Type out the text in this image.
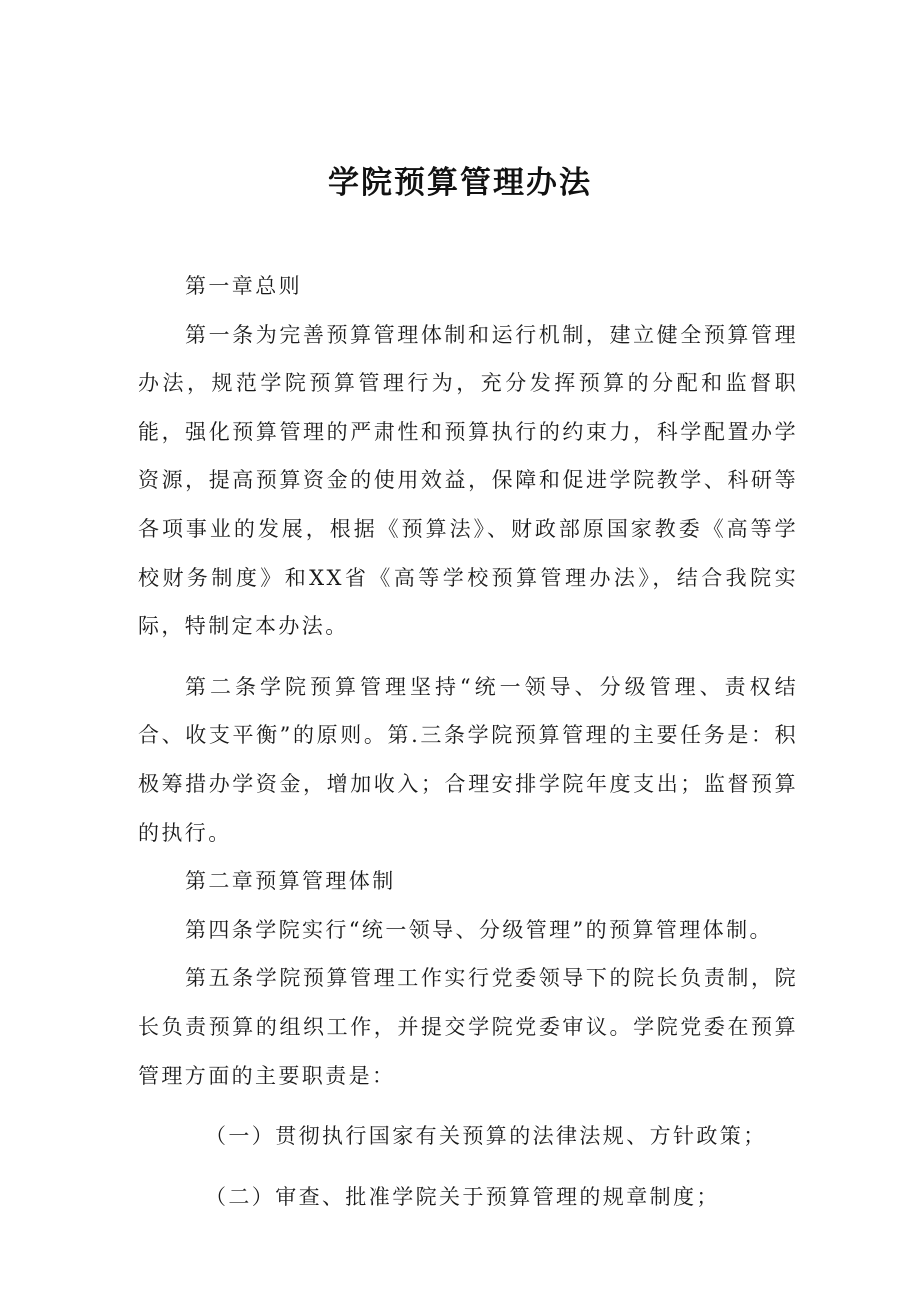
学院预算管理办法

第一章总则

第一条为完善预算管理体制和运行机制，建立健全预算管理办法，规范学院预算管理行为，充分发挥预算的分配和监督职能，强化预算管理的严肃性和预算执行的约束力，科学配置办学资源，提高预算资金的使用效益，保障和促进学院教学、科研等各项事业的发展，根据《预算法》、财政部原国家教委《高等学校财务制度》和XX省《高等学校预算管理办法》，结合我院实际，特制定本办法。

第二条学院预算管理坚持“统一领导、分级管理、责权结合、收支平衡”的原则。第.三条学院预算管理的主要任务是：积极筹措办学资金，增加收入；合理安排学院年度支出；监督预算的执行。

第二章预算管理体制

第四条学院实行“统一领导、分级管理”的预算管理体制。

第五条学院预算管理工作实行党委领导下的院长负责制，院长负责预算的组织工作，并提交学院党委审议。学院党委在预算管理方面的主要职责是：

（一）贯彻执行国家有关预算的法律法规、方针政策；

（二）审查、批准学院关于预算管理的规章制度；
